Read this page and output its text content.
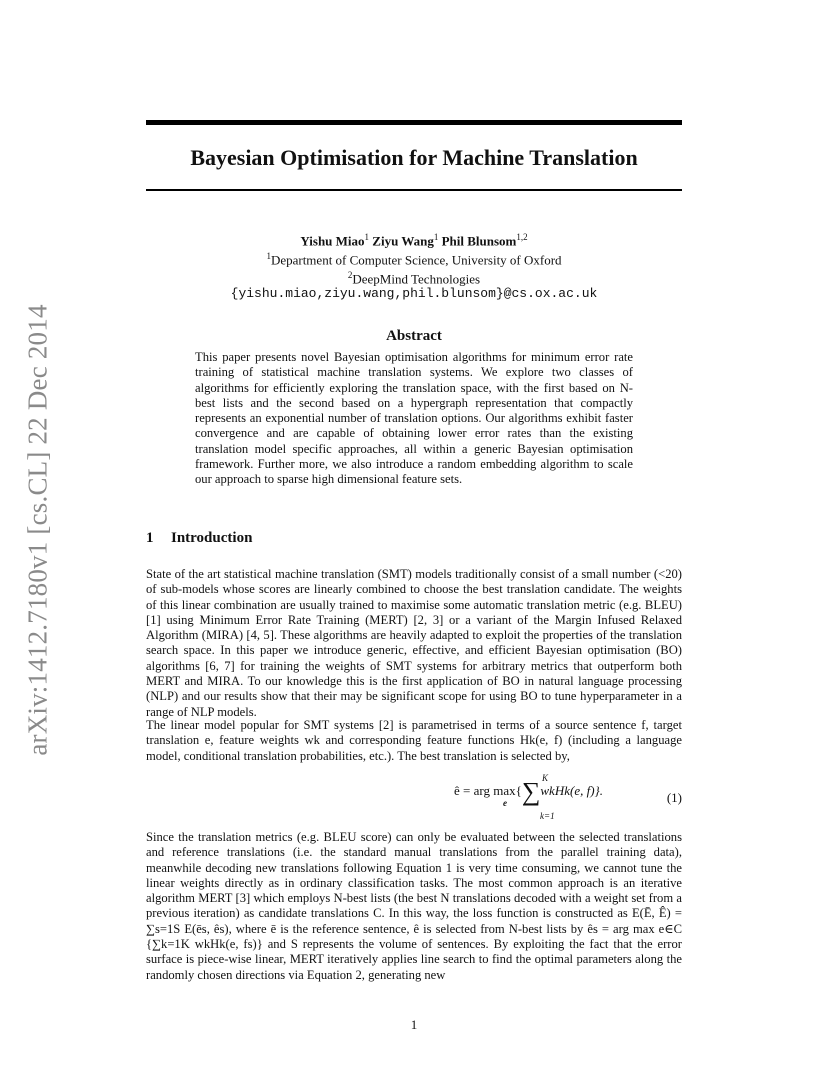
arXiv:1412.7180v1 [cs.CL] 22 Dec 2014
Bayesian Optimisation for Machine Translation
Yishu Miao$^1$ Ziyu Wang$^1$ Phil Blunsom$^{1,2}$
$^1$Department of Computer Science, University of Oxford
$^2$DeepMind Technologies
{yishu.miao,ziyu.wang,phil.blunsom}@cs.ox.ac.uk
Abstract
This paper presents novel Bayesian optimisation algorithms for minimum error rate training of statistical machine translation systems. We explore two classes of algorithms for efficiently exploring the translation space, with the first based on N-best lists and the second based on a hypergraph representation that compactly represents an exponential number of translation options. Our algorithms exhibit faster convergence and are capable of obtaining lower error rates than the existing translation model specific approaches, all within a generic Bayesian optimisation framework. Further more, we also introduce a random embedding algorithm to scale our approach to sparse high dimensional feature sets.
1 Introduction
State of the art statistical machine translation (SMT) models traditionally consist of a small number (<20) of sub-models whose scores are linearly combined to choose the best translation candidate. The weights of this linear combination are usually trained to maximise some automatic translation metric (e.g. BLEU) [1] using Minimum Error Rate Training (MERT) [2, 3] or a variant of the Margin Infused Relaxed Algorithm (MIRA) [4, 5]. These algorithms are heavily adapted to exploit the properties of the translation search space. In this paper we introduce generic, effective, and efficient Bayesian optimisation (BO) algorithms [6, 7] for training the weights of SMT systems for arbitrary metrics that outperform both MERT and MIRA. To our knowledge this is the first application of BO in natural language processing (NLP) and our results show that their may be significant scope for using BO to tune hyperparameter in a range of NLP models.
The linear model popular for SMT systems [2] is parametrised in terms of a source sentence f, target translation e, feature weights wk and corresponding feature functions Hk(e, f) (including a language model, conditional translation probabilities, etc.). The best translation is selected by,
K
ê = arg max{∑wkHk(e, f)}.
e
k=1
(1)
Since the translation metrics (e.g. BLEU score) can only be evaluated between the selected translations and reference translations (i.e. the standard manual translations from the parallel training data), meanwhile decoding new translations following Equation 1 is very time consuming, we cannot tune the linear weights directly as in ordinary classification tasks. The most common approach is an iterative algorithm MERT [3] which employs N-best lists (the best N translations decoded with a weight set from a previous iteration) as candidate translations C. In this way, the loss function is constructed as E(Ē, Ê) = ∑s=1S E(ēs, ês), where ē is the reference sentence, ê is selected from N-best lists by ês = arg max e∈C {∑k=1K wkHk(e, fs)} and S represents the volume of sentences. By exploiting the fact that the error surface is piece-wise linear, MERT iteratively applies line search to find the optimal parameters along the randomly chosen directions via Equation 2, generating new
1
